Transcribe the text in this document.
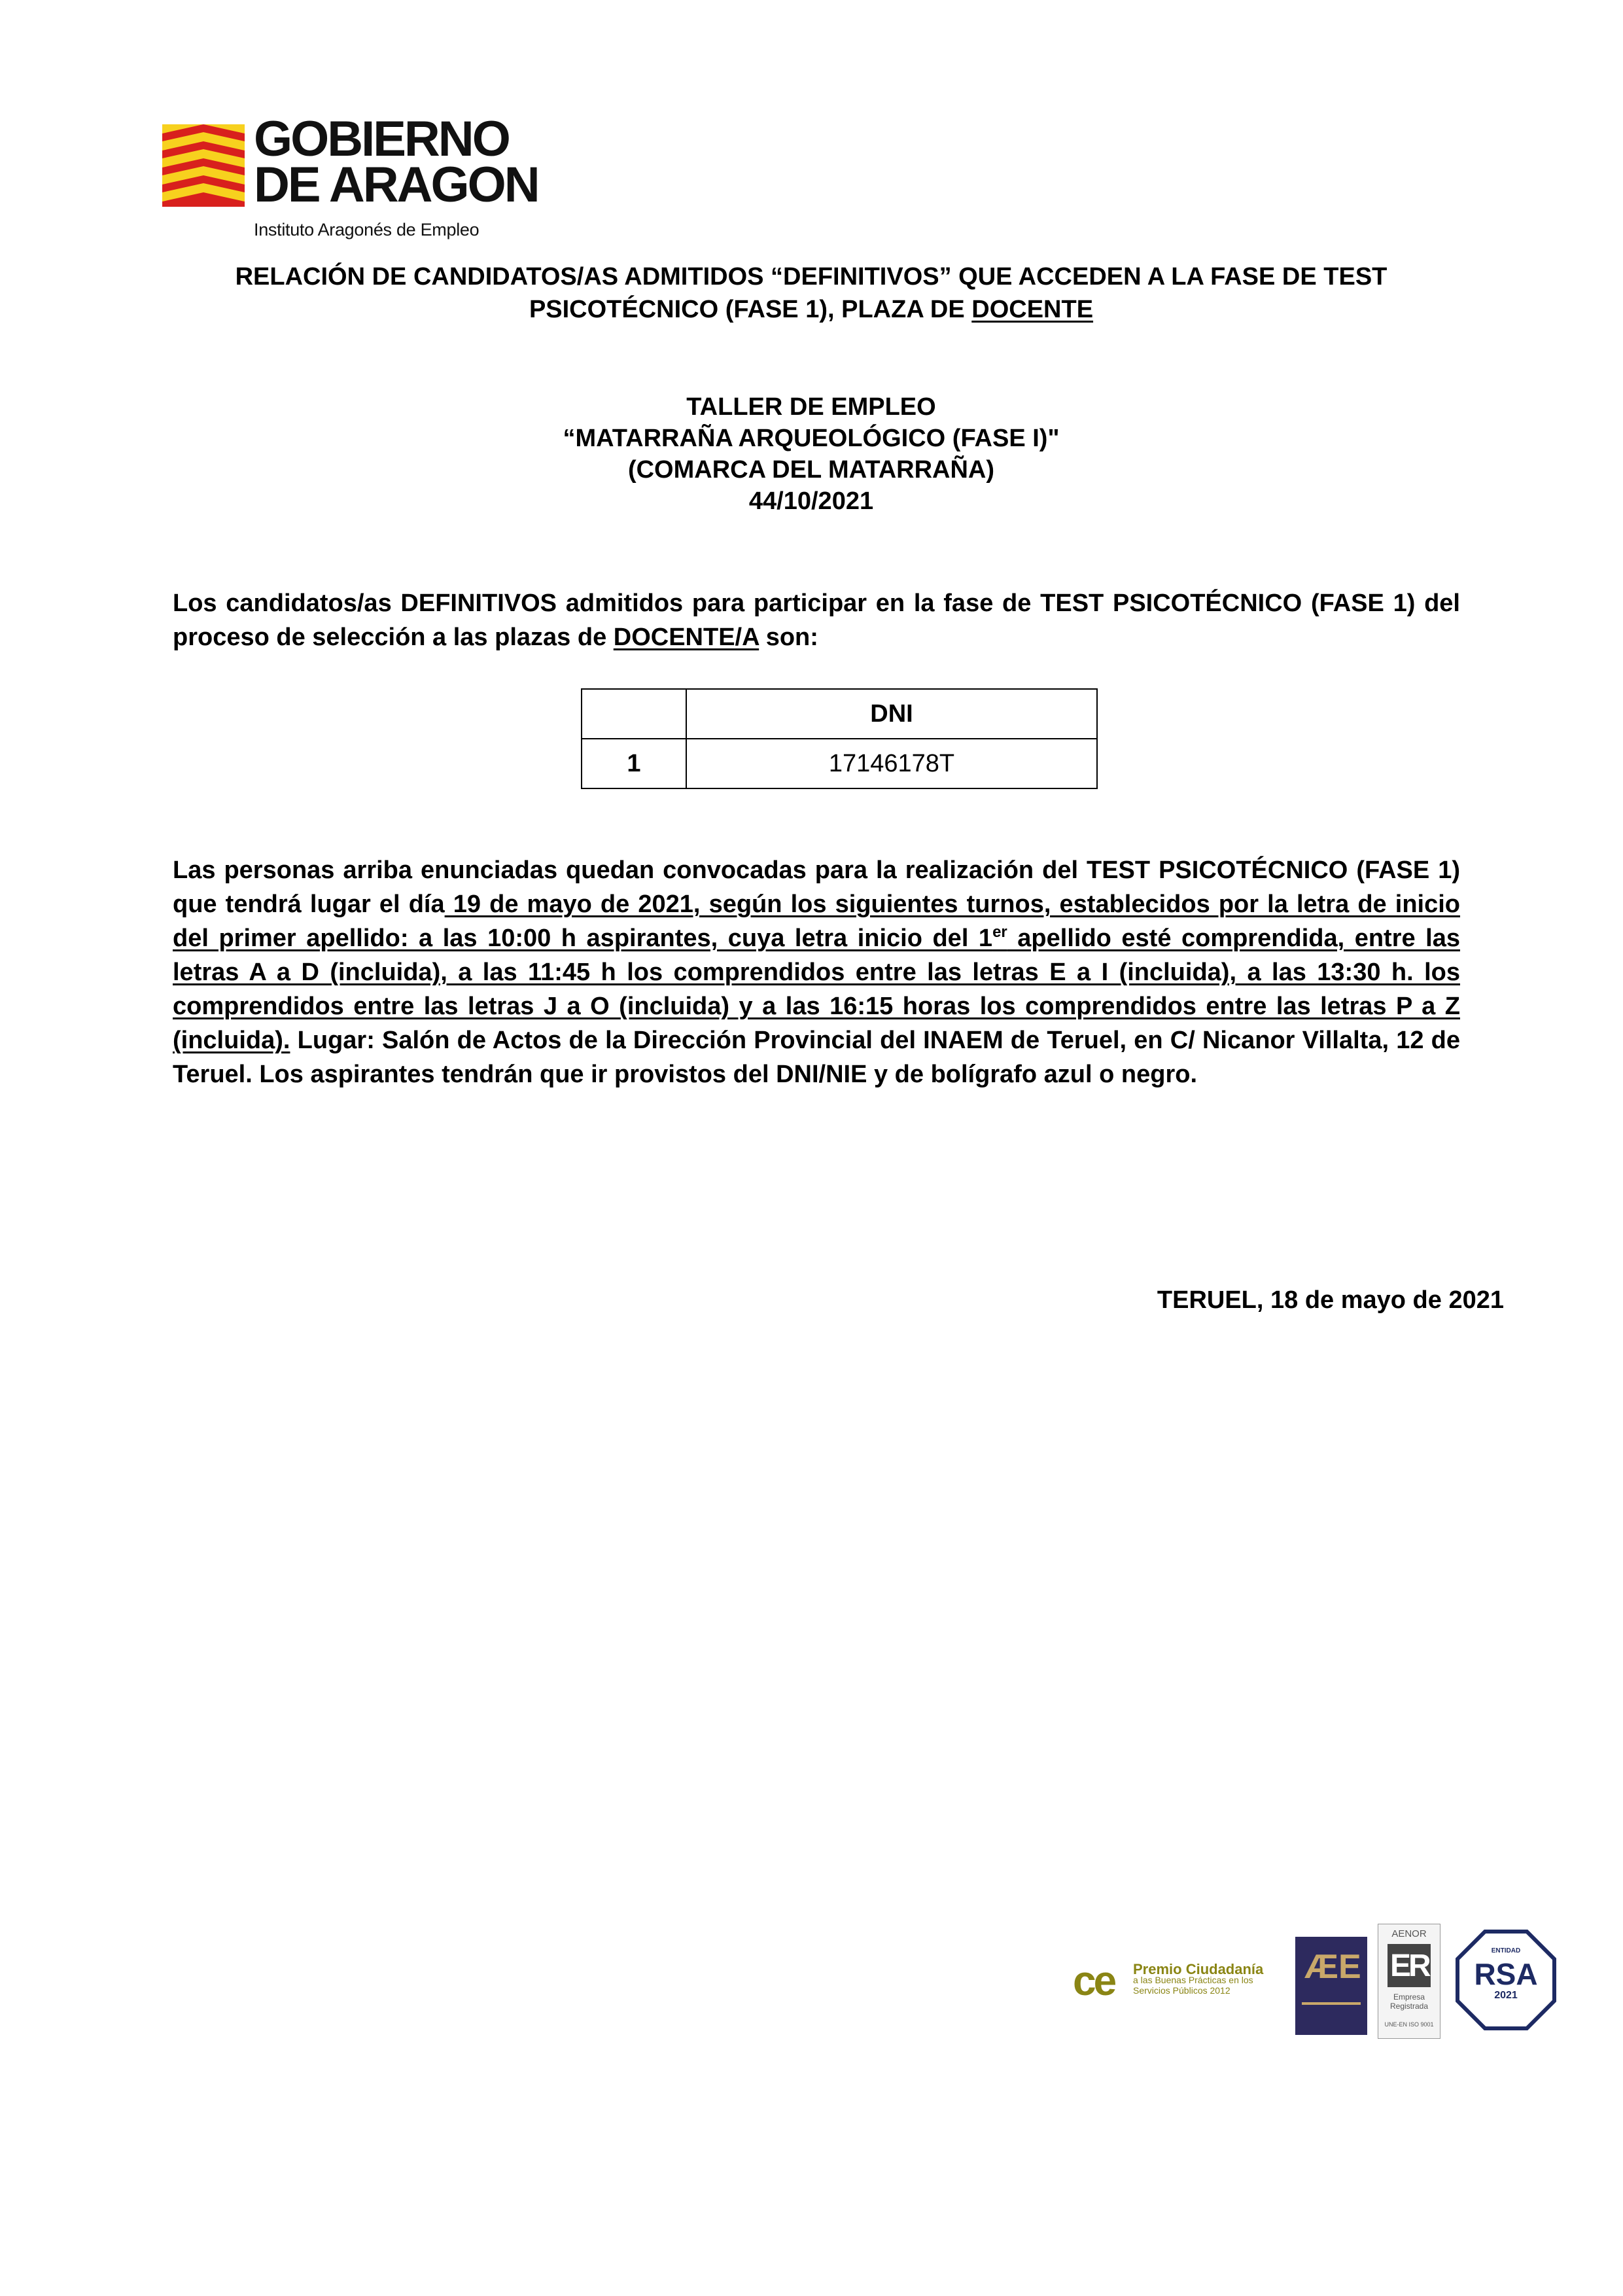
GOBIERNO
DE ARAGON
Instituto Aragonés de Empleo
RELACIÓN DE CANDIDATOS/AS ADMITIDOS “DEFINITIVOS” QUE ACCEDEN A LA FASE DE TEST
PSICOTÉCNICO (FASE 1), PLAZA DE DOCENTE
TALLER DE EMPLEO
“MATARRAÑA ARQUEOLÓGICO (FASE I)"
(COMARCA DEL MATARRAÑA)
44/10/2021
Los candidatos/as DEFINITIVOS admitidos para participar en la fase de TEST PSICOTÉCNICO (FASE 1) del proceso de selección a las plazas de DOCENTE/A son:
	DNI
1	17146178T
Las personas arriba enunciadas quedan convocadas para la realización del TEST PSICOTÉCNICO (FASE 1) que tendrá lugar el día 19 de mayo de 2021, según los siguientes turnos, establecidos por la letra de inicio del primer apellido: a las 10:00 h aspirantes, cuya letra inicio del 1er apellido esté comprendida, entre las letras A a D (incluida), a las 11:45 h los comprendidos entre las letras E a I (incluida), a las 13:30 h. los comprendidos entre las letras J a O (incluida) y a las 16:15 horas los comprendidos entre las letras P a Z (incluida). Lugar: Salón de Actos de la Dirección Provincial del INAEM de Teruel, en C/ Nicanor Villalta, 12 de Teruel. Los aspirantes tendrán que ir provistos del DNI/NIE y de bolígrafo azul o negro.
TERUEL, 18 de mayo de 2021
ce Premio Ciudadanía
a las Buenas Prácticas en los
Servicios Públicos 2012
ÆE
AENOR
ER
Empresa
Registrada
UNE-EN ISO 9001
ENTIDAD
RSA
2021
